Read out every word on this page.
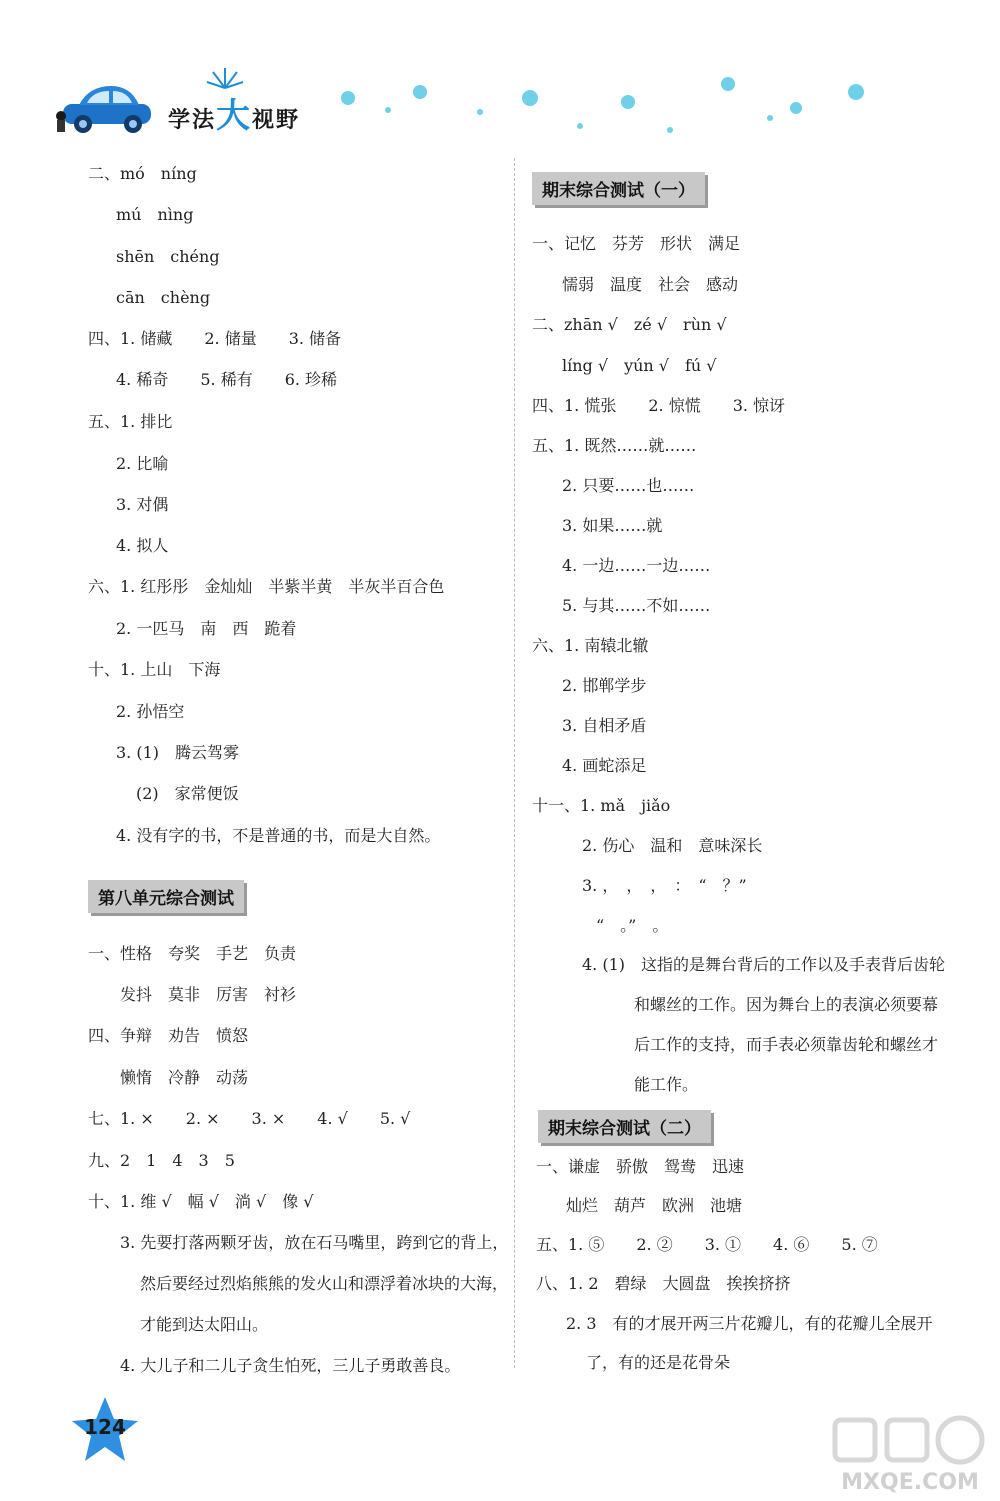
学法大视野
二、mó　níng
mú　nìng
shēn　chéng
cān　chèng
四、1. 储藏　　2. 储量　　3. 储备
4. 稀奇　　5. 稀有　　6. 珍稀
五、1. 排比
2. 比喻
3. 对偶
4. 拟人
六、1. 红彤彤　金灿灿　半紫半黄　半灰半百合色
2. 一匹马　南　西　跪着
十、1. 上山　下海
2. 孙悟空
3. (1)　腾云驾雾
(2)　家常便饭
4. 没有字的书，不是普通的书，而是大自然。
第八单元综合测试
一、性格　夸奖　手艺　负责
发抖　莫非　厉害　衬衫
四、争辩　劝告　愤怒
懒惰　冷静　动荡
七、1. ×　　2. ×　　3. ×　　4. √　　5. √
九、2　1　4　3　5
十、1. 维 √　幅 √　淌 √　像 √
3. 先要打落两颗牙齿，放在石马嘴里，跨到它的背上，
然后要经过烈焰熊熊的发火山和漂浮着冰块的大海，
才能到达太阳山。
4. 大儿子和二儿子贪生怕死，三儿子勇敢善良。
期末综合测试（一）
一、记忆　芬芳　形状　满足
懦弱　温度　社会　感动
二、zhān √　zé √　rùn √
líng √　yún √　fú √
四、1. 慌张　　2. 惊慌　　3. 惊讶
五、1. 既然……就……
2. 只要……也……
3. 如果……就
4. 一边……一边……
5. 与其……不如……
六、1. 南辕北辙
2. 邯郸学步
3. 自相矛盾
4. 画蛇添足
十一、1. mǎ　jiǎo
2. 伤心　温和　意味深长
3. ，　，　，　：　“　？”
“　。”　。
4. (1)　这指的是舞台背后的工作以及手表背后齿轮
和螺丝的工作。因为舞台上的表演必须要幕
后工作的支持，而手表必须靠齿轮和螺丝才
能工作。
期末综合测试（二）
一、谦虚　骄傲　鸳鸯　迅速
灿烂　葫芦　欧洲　池塘
五、1. ⑤　　2. ②　　3. ①　　4. ⑥　　5. ⑦
八、1. 2　碧绿　大圆盘　挨挨挤挤
2. 3　有的才展开两三片花瓣儿，有的花瓣儿全展开
了，有的还是花骨朵
124
MXQE.COM
